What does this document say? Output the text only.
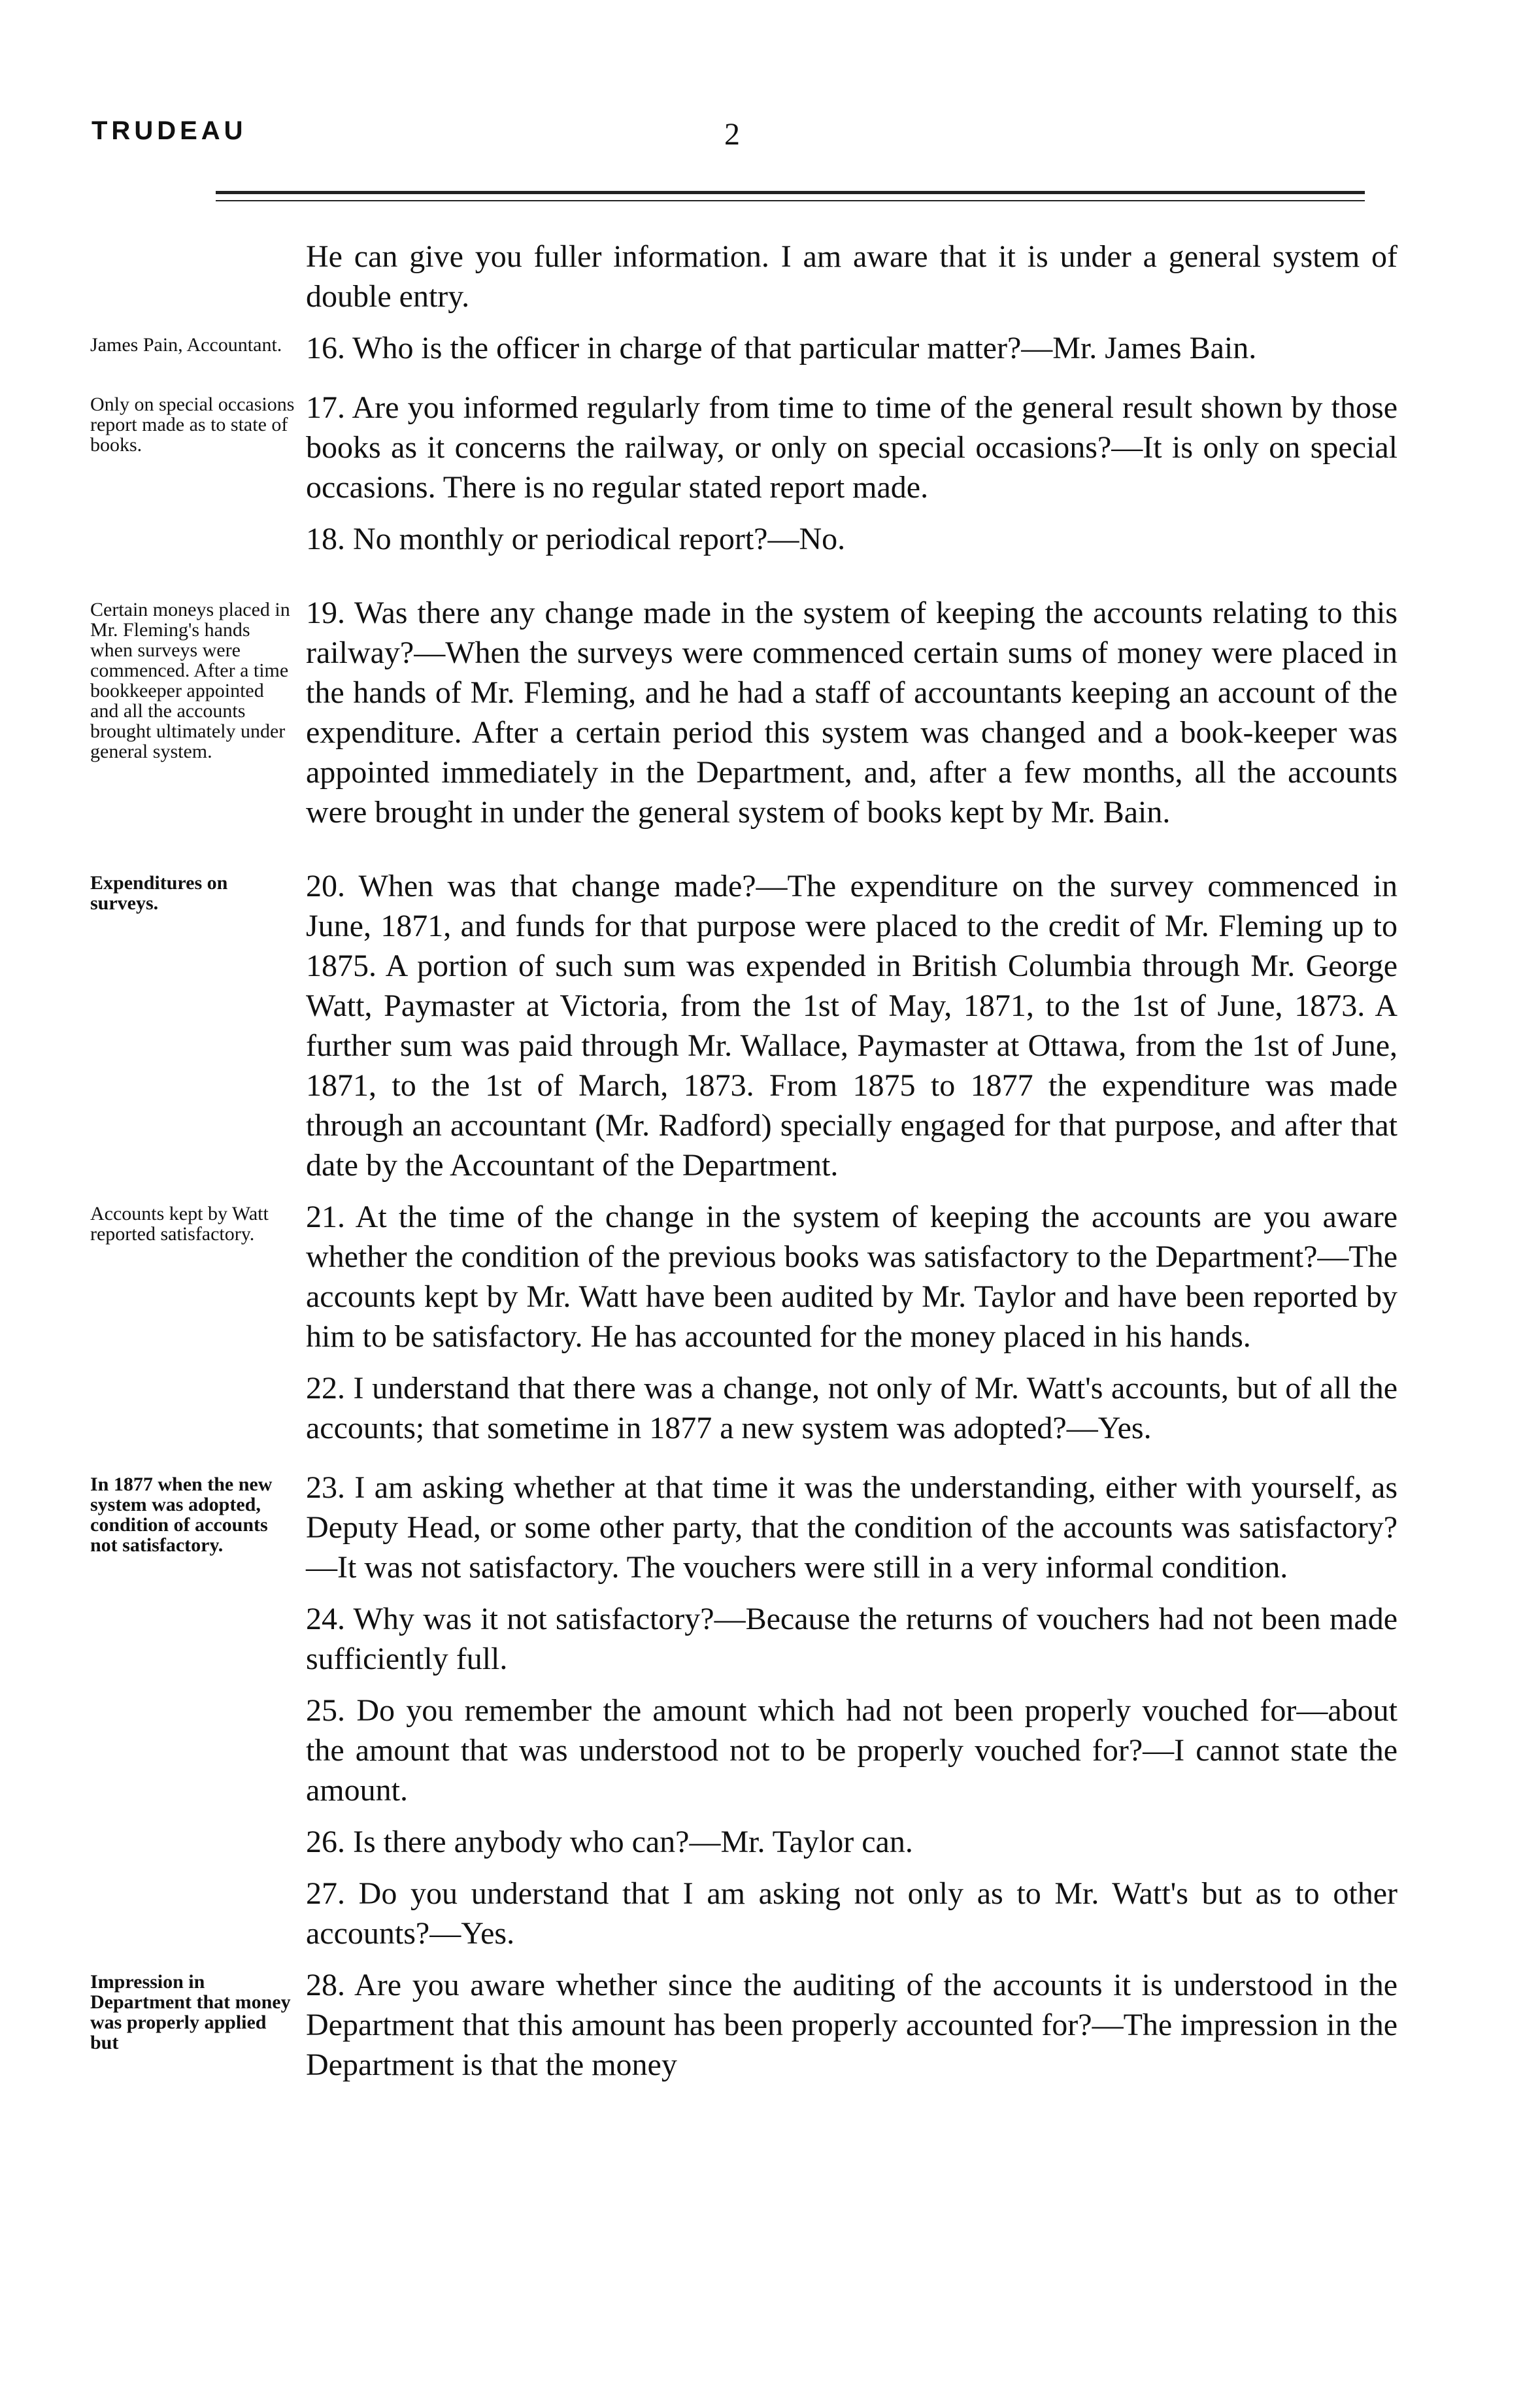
TRUDEAU	2

He can give you fuller information. I am aware that it is under a general system of double entry.

James Pain, Accountant. 16. Who is the officer in charge of that particular matter?—Mr. James Bain.

Only on special occasions report made as to state of books.

17. Are you informed regularly from time to time of the general result shown by those books as it concerns the railway, or only on special occasions?—It is only on special occasions. There is no regular stated report made.

18. No monthly or periodical report?—No.

Certain moneys placed in Mr. Fleming's hands when surveys were commenced. After a time bookkeeper appointed and all the accounts brought ultimately under general system.

19. Was there any change made in the system of keeping the accounts relating to this railway?—When the surveys were commenced certain sums of money were placed in the hands of Mr. Fleming, and he had a staff of accountants keeping an account of the expenditure. After a certain period this system was changed and a book-keeper was appointed immediately in the Department, and, after a few months, all the accounts were brought in under the general system of books kept by Mr. Bain.

Expenditures on surveys.	20. When was that change made?—The expenditure on the survey commenced in June, 1871, and funds for that purpose were placed to the credit of Mr. Fleming up to 1875. A portion of such sum was expended in British Columbia through Mr. George Watt, Paymaster at Victoria, from the 1st of May, 1871, to the 1st of June, 1873. A further sum was paid through Mr. Wallace, Paymaster at Ottawa, from the 1st of June, 1871, to the 1st of March, 1873. From 1875 to 1877 the expenditure was made through an accountant (Mr. Radford) specially engaged for that purpose, and after that date by the Accountant of the Department.

Accounts kept by Watt reported satisfactory.	21. At the time of the change in the system of keeping the accounts are you aware whether the condition of the previous books was satisfactory to the Department?—The accounts kept by Mr. Watt have been audited by Mr. Taylor and have been reported by him to be satisfactory. He has accounted for the money placed in his hands.

22. I understand that there was a change, not only of Mr. Watt's accounts, but of all the accounts; that sometime in 1877 a new system was adopted?—Yes.

In 1877 when the new system was adopted, condition of accounts not satisfactory.

23. I am asking whether at that time it was the understanding, either with yourself, as Deputy Head, or some other party, that the condition of the accounts was satisfactory?—It was not satisfactory. The vouchers were still in a very informal condition.

24. Why was it not satisfactory?—Because the returns of vouchers had not been made sufficiently full.

25. Do you remember the amount which had not been properly vouched for—about the amount that was understood not to be properly vouched for?—I cannot state the amount.

26. Is there anybody who can?—Mr. Taylor can.

27. Do you understand that I am asking not only as to Mr. Watt's but as to other accounts?—Yes.

Impression in Department that money was properly applied but

28. Are you aware whether since the auditing of the accounts it is understood in the Department that this amount has been properly accounted for?—The impression in the Department is that the money
